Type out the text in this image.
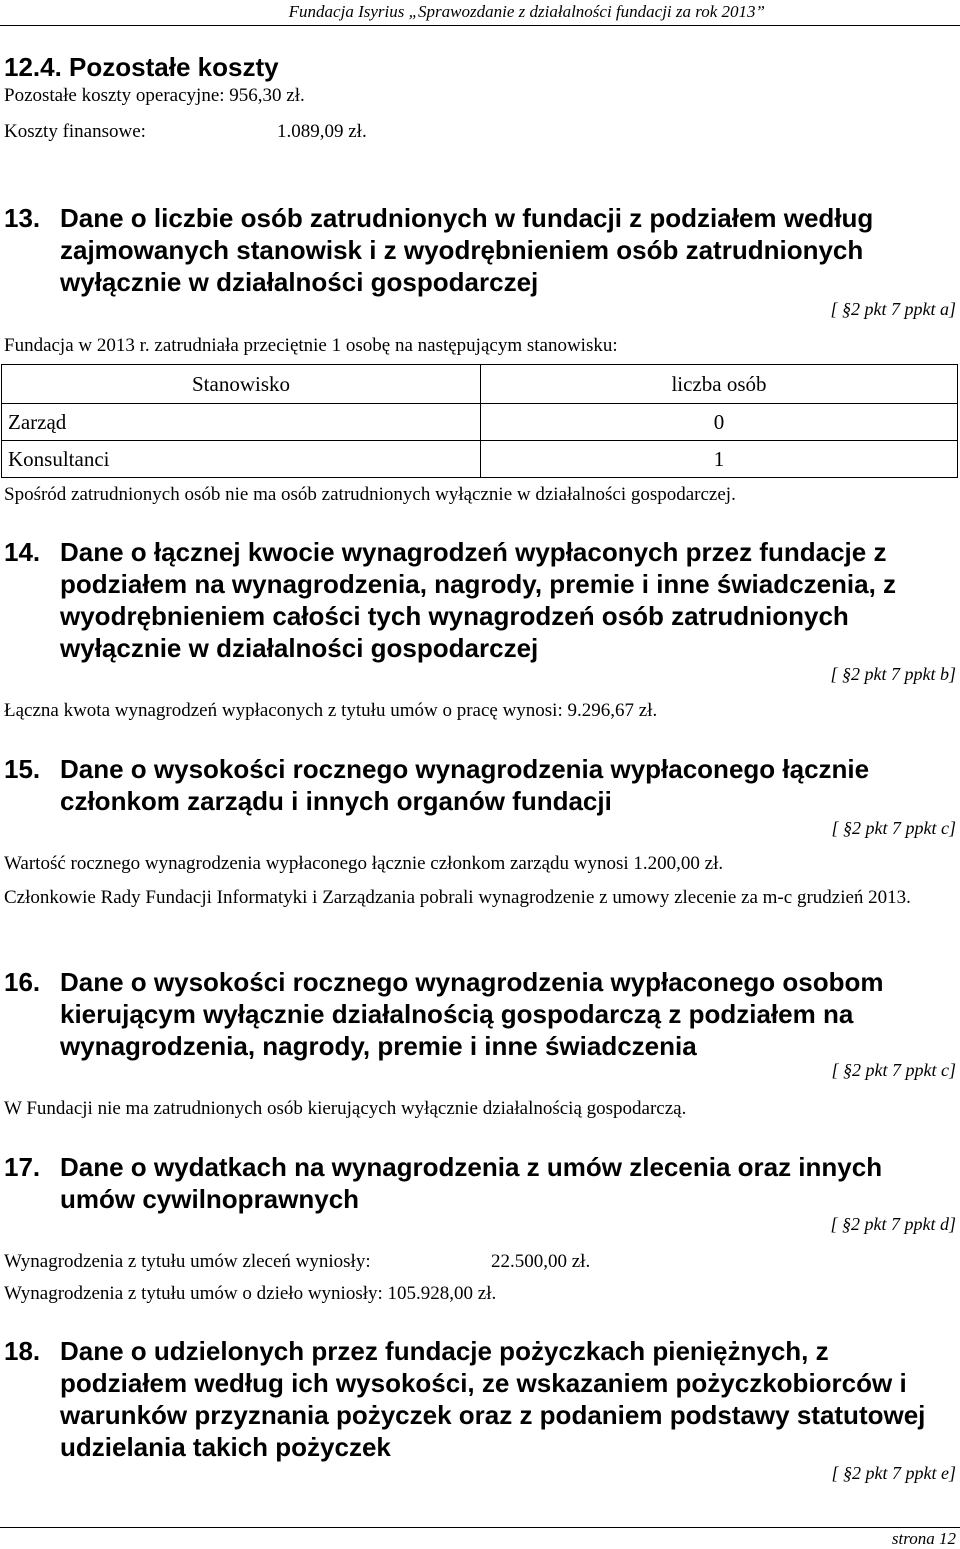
Fundacja Isyrius „Sprawozdanie z działalności fundacji za rok 2013”
12.4. Pozostałe koszty
Pozostałe koszty operacyjne: 956,30 zł.
Koszty finansowe:	1.089,09 zł.
13. Dane o liczbie osób zatrudnionych w fundacji z podziałem według zajmowanych stanowisk i z wyodrębnieniem osób zatrudnionych wyłącznie w działalności gospodarczej
[ §2 pkt 7 ppkt a]
Fundacja w 2013 r. zatrudniała przeciętnie 1 osobę na następującym stanowisku:
Stanowisko	liczba osób
Zarząd	0
Konsultanci	1
Spośród zatrudnionych osób nie ma osób zatrudnionych wyłącznie w działalności gospodarczej.
14. Dane o łącznej kwocie wynagrodzeń wypłaconych przez fundacje z podziałem na wynagrodzenia, nagrody, premie i inne świadczenia, z wyodrębnieniem całości tych wynagrodzeń osób zatrudnionych wyłącznie w działalności gospodarczej
[ §2 pkt 7 ppkt b]
Łączna kwota wynagrodzeń wypłaconych z tytułu umów o pracę wynosi: 9.296,67 zł.
15. Dane o wysokości rocznego wynagrodzenia wypłaconego łącznie członkom zarządu i innych organów fundacji
[ §2 pkt 7 ppkt c]
Wartość rocznego wynagrodzenia wypłaconego łącznie członkom zarządu wynosi 1.200,00 zł.
Członkowie Rady Fundacji Informatyki i Zarządzania pobrali wynagrodzenie z umowy zlecenie za m-c grudzień 2013.
16. Dane o wysokości rocznego wynagrodzenia wypłaconego osobom kierującym wyłącznie działalnością gospodarczą z podziałem na wynagrodzenia, nagrody, premie i inne świadczenia
[ §2 pkt 7 ppkt c]
W Fundacji nie ma zatrudnionych osób kierujących wyłącznie działalnością gospodarczą.
17. Dane o wydatkach na wynagrodzenia z umów zlecenia oraz innych umów cywilnoprawnych
[ §2 pkt 7 ppkt d]
Wynagrodzenia z tytułu umów zleceń wyniosły:	22.500,00 zł.
Wynagrodzenia z tytułu umów o dzieło wyniosły: 105.928,00 zł.
18. Dane o udzielonych przez fundacje pożyczkach pieniężnych, z podziałem według ich wysokości, ze wskazaniem pożyczkobiorców i warunków przyznania pożyczek oraz z podaniem podstawy statutowej udzielania takich pożyczek
[ §2 pkt 7 ppkt e]
strona 12
